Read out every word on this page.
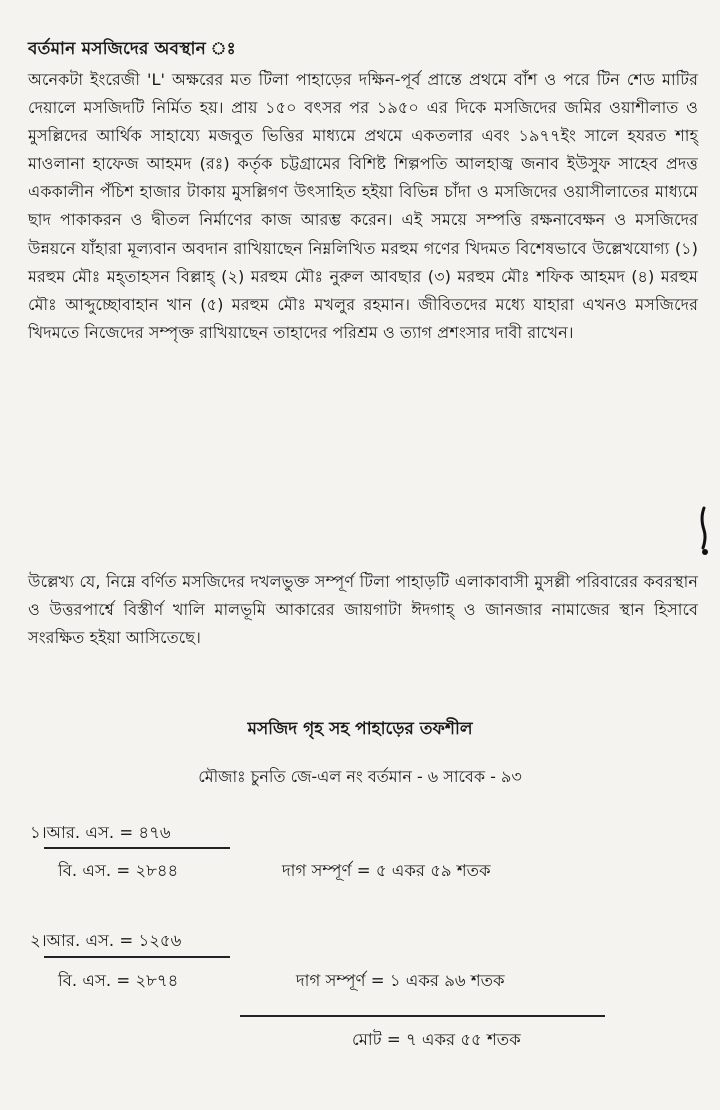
বর্তমান মসজিদের অবস্থান ঃ

অনেকটা ইংরেজী 'L' অক্ষরের মত টিলা পাহাড়ের দক্ষিন-পূর্ব প্রান্তে প্রথমে বাঁশ ও পরে টিন শেড মাটির দেয়ালে মসজিদটি নির্মিত হয়। প্রায় ১৫০ বৎসর পর ১৯৫০ এর দিকে মসজিদের জমির ওয়াশীলাত ও মুসল্লিদের আর্থিক সাহায্যে মজবুত ভিত্তির মাধ্যমে প্রথমে একতলার এবং ১৯৭৭ইং সালে হযরত শাহ্ মাওলানা হাফেজ আহমদ (রঃ) কর্তৃক চট্টগ্রামের বিশিষ্ট শিল্পপতি আলহাজ্ব জনাব ইউসুফ সাহেব প্রদত্ত এককালীন পঁচিশ হাজার টাকায় মুসল্লিগণ উৎসাহিত হইয়া বিভিন্ন চাঁদা ও মসজিদের ওয়াসীলাতের মাধ্যমে ছাদ পাকাকরন ও দ্বীতল নির্মাণের কাজ আরম্ভ করেন। এই সময়ে সম্পত্তি রক্ষনাবেক্ষন ও মসজিদের উন্নয়নে যাঁহারা মূল্যবান অবদান রাখিয়াছেন নিম্নলিখিত মরহুম গণের খিদমত বিশেষভাবে উল্লেখযোগ্য (১) মরহুম মৌঃ মহ্তাহসন বিল্লাহ্ (২) মরহুম মৌঃ নুরুল আবছার (৩) মরহুম মৌঃ শফিক আহমদ (৪) মরহুম মৌঃ আব্দুচ্ছোবাহান খান (৫) মরহুম মৌঃ মখলুর রহমান। জীবিতদের মধ্যে যাহারা এখনও মসজিদের খিদমতে নিজেদের সম্পৃক্ত রাখিয়াছেন তাহাদের পরিশ্রম ও ত্যাগ প্রশংসার দাবী রাখেন।

উল্লেখ্য যে, নিম্নে বর্ণিত মসজিদের দখলভুক্ত সম্পূর্ণ টিলা পাহাড়টি এলাকাবাসী মুসল্লী পরিবারের কবরস্থান ও উত্তরপার্শ্বে বিস্তীর্ণ খালি মালভূমি আকারের জায়গাটা ঈদগাহ্ ও জানজার নামাজের স্থান হিসাবে সংরক্ষিত হইয়া আসিতেছে।

মসজিদ গৃহ সহ পাহাড়ের তফশীল
মৌজাঃ চুনতি জে-এল নং বর্তমান - ৬ সাবেক - ৯৩
১।আর. এস. = ৪৭৬
বি. এস. = ২৮৪৪	দাগ সম্পূর্ণ = ৫ একর ৫৯ শতক
২।আর. এস. = ১২৫৬
বি. এস. = ২৮৭৪	দাগ সম্পূর্ণ = ১ একর ৯৬ শতক
মোট = ৭ একর ৫৫ শতক
